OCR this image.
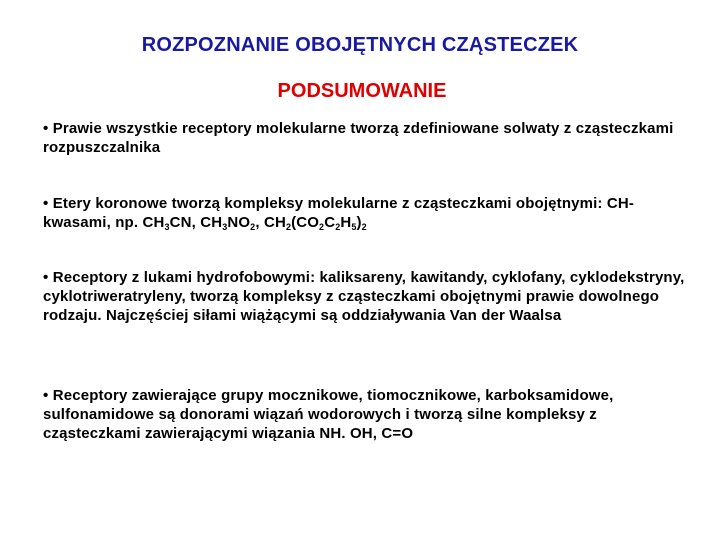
ROZPOZNANIE OBOJĘTNYCH CZĄSTECZEK
PODSUMOWANIE
• Prawie wszystkie receptory molekularne tworzą zdefiniowane solwaty z cząsteczkami rozpuszczalnika
• Etery koronowe tworzą kompleksy molekularne z cząsteczkami obojętnymi: CH-kwasami, np. $CH_3CN$, $CH_3NO_2$, $CH_2(CO_2C_2H_5)_2$
• Receptory z lukami hydrofobowymi: kaliksareny, kawitandy, cyklofany, cyklodekstryny, cyklotriweratryleny, tworzą kompleksy z cząsteczkami obojętnymi prawie dowolnego rodzaju. Najczęściej siłami wiążącymi są oddziaływania Van der Waalsa
• Receptory zawierające grupy mocznikowe, tiomocznikowe, karboksamidowe, sulfonamidowe są donorami wiązań wodorowych i tworzą silne kompleksy z cząsteczkami zawierającymi wiązania NH. OH, C=O
